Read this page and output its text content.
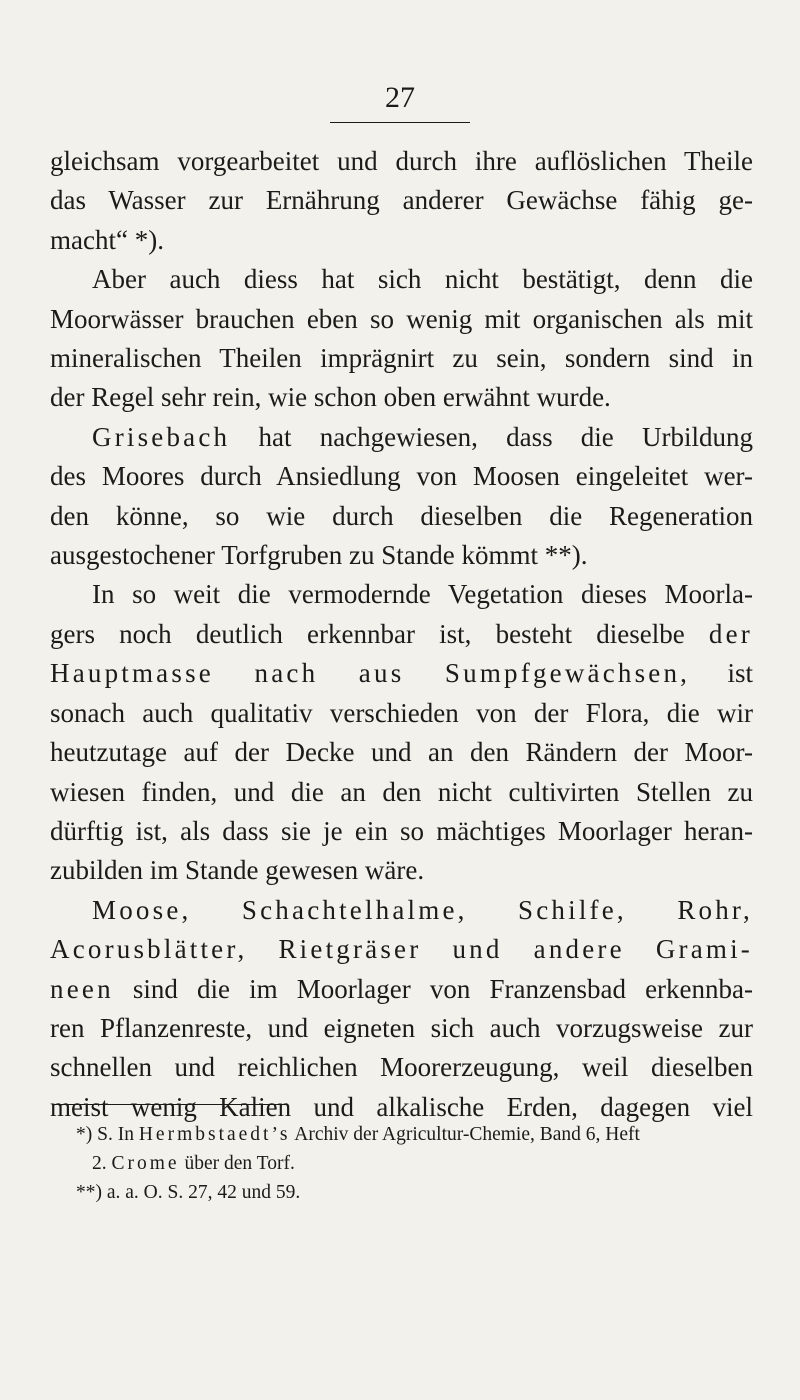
27
gleichsam vorgearbeitet und durch ihre auflöslichen Theile
das Wasser zur Ernährung anderer Gewächse fähig ge-
macht“ *).
Aber auch diess hat sich nicht bestätigt, denn die
Moorwässer brauchen eben so wenig mit organischen als mit
mineralischen Theilen imprägnirt zu sein, sondern sind in
der Regel sehr rein, wie schon oben erwähnt wurde.
Grisebach hat nachgewiesen, dass die Urbildung
des Moores durch Ansiedlung von Moosen eingeleitet wer-
den könne, so wie durch dieselben die Regeneration
ausgestochener Torfgruben zu Stande kömmt **).
In so weit die vermodernde Vegetation dieses Moorla-
gers noch deutlich erkennbar ist, besteht dieselbe der
Hauptmasse nach aus Sumpfgewächsen, ist
sonach auch qualitativ verschieden von der Flora, die wir
heutzutage auf der Decke und an den Rändern der Moor-
wiesen finden, und die an den nicht cultivirten Stellen zu
dürftig ist, als dass sie je ein so mächtiges Moorlager heran-
zubilden im Stande gewesen wäre.
Moose, Schachtelhalme, Schilfe, Rohr,
Acorusblätter, Rietgräser und andere Grami-
neen sind die im Moorlager von Franzensbad erkennba-
ren Pflanzenreste, und eigneten sich auch vorzugsweise zur
schnellen und reichlichen Moorerzeugung, weil dieselben
meist wenig Kalien und alkalische Erden, dagegen viel
*) S. In Hermbstaedt’s Archiv der Agricultur-Chemie, Band 6, Heft
2. Crome über den Torf.
**) a. a. O. S. 27, 42 und 59.
